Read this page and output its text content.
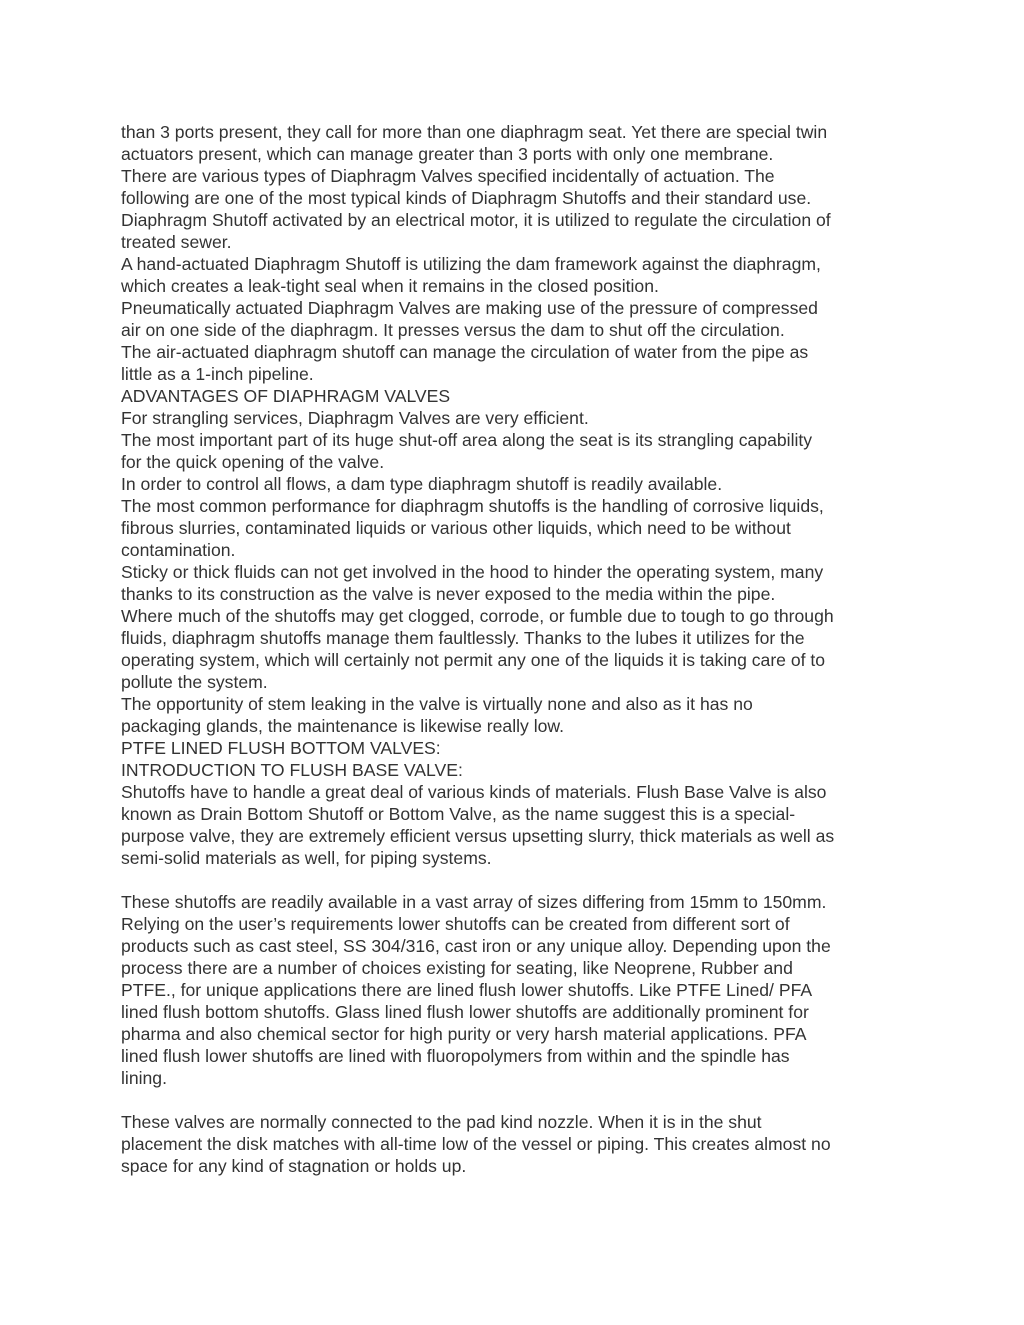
than 3 ports present, they call for more than one diaphragm seat. Yet there are special twin
actuators present, which can manage greater than 3 ports with only one membrane.
There are various types of Diaphragm Valves specified incidentally of actuation. The
following are one of the most typical kinds of Diaphragm Shutoffs and their standard use.
Diaphragm Shutoff activated by an electrical motor, it is utilized to regulate the circulation of
treated sewer.
A hand-actuated Diaphragm Shutoff is utilizing the dam framework against the diaphragm,
which creates a leak-tight seal when it remains in the closed position.
Pneumatically actuated Diaphragm Valves are making use of the pressure of compressed
air on one side of the diaphragm. It presses versus the dam to shut off the circulation.
The air-actuated diaphragm shutoff can manage the circulation of water from the pipe as
little as a 1-inch pipeline.
ADVANTAGES OF DIAPHRAGM VALVES
For strangling services, Diaphragm Valves are very efficient.
The most important part of its huge shut-off area along the seat is its strangling capability
for the quick opening of the valve.
In order to control all flows, a dam type diaphragm shutoff is readily available.
The most common performance for diaphragm shutoffs is the handling of corrosive liquids,
fibrous slurries, contaminated liquids or various other liquids, which need to be without
contamination.
Sticky or thick fluids can not get involved in the hood to hinder the operating system, many
thanks to its construction as the valve is never exposed to the media within the pipe.
Where much of the shutoffs may get clogged, corrode, or fumble due to tough to go through
fluids, diaphragm shutoffs manage them faultlessly. Thanks to the lubes it utilizes for the
operating system, which will certainly not permit any one of the liquids it is taking care of to
pollute the system.
The opportunity of stem leaking in the valve is virtually none and also as it has no
packaging glands, the maintenance is likewise really low.
PTFE LINED FLUSH BOTTOM VALVES:
INTRODUCTION TO FLUSH BASE VALVE:
Shutoffs have to handle a great deal of various kinds of materials. Flush Base Valve is also
known as Drain Bottom Shutoff or Bottom Valve, as the name suggest this is a special-
purpose valve, they are extremely efficient versus upsetting slurry, thick materials as well as
semi-solid materials as well, for piping systems.
These shutoffs are readily available in a vast array of sizes differing from 15mm to 150mm.
Relying on the user’s requirements lower shutoffs can be created from different sort of
products such as cast steel, SS 304/316, cast iron or any unique alloy. Depending upon the
process there are a number of choices existing for seating, like Neoprene, Rubber and
PTFE., for unique applications there are lined flush lower shutoffs. Like PTFE Lined/ PFA
lined flush bottom shutoffs. Glass lined flush lower shutoffs are additionally prominent for
pharma and also chemical sector for high purity or very harsh material applications. PFA
lined flush lower shutoffs are lined with fluoropolymers from within and the spindle has
lining.
These valves are normally connected to the pad kind nozzle. When it is in the shut
placement the disk matches with all-time low of the vessel or piping. This creates almost no
space for any kind of stagnation or holds up.
